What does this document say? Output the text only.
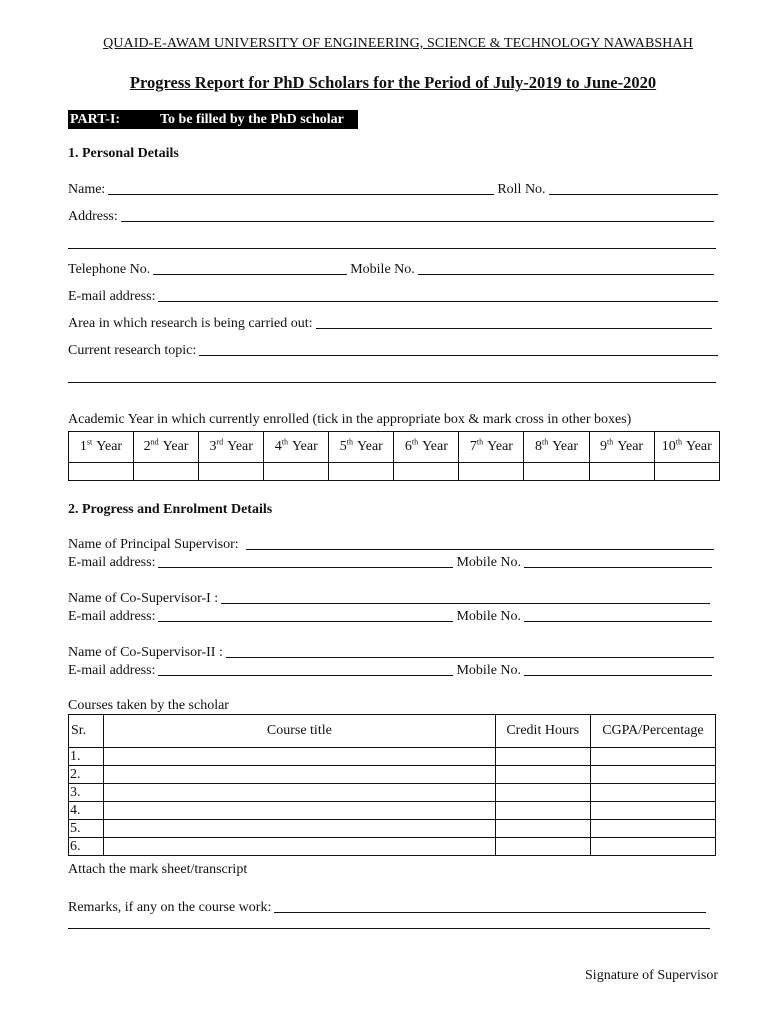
QUAID-E-AWAM UNIVERSITY OF ENGINEERING, SCIENCE & TECHNOLOGY NAWABSHAH
Progress Report for PhD Scholars for the Period of July-2019 to June-2020
PART-I:	To be filled by the PhD scholar
1. Personal Details
Name:	Roll No.
Address:
Telephone No.	Mobile No.
E-mail address:
Area in which research is being carried out:
Current research topic:
Academic Year in which currently enrolled (tick in the appropriate box & mark cross in other boxes)
1st Year	2nd Year	3rd Year	4th Year	5th Year	6th Year	7th Year	8th Year	9th Year	10th Year

2. Progress and Enrolment Details
Name of Principal Supervisor:
E-mail address:	Mobile No.
Name of Co-Supervisor-I :
E-mail address:	Mobile No.
Name of Co-Supervisor-II :
E-mail address:	Mobile No.
Courses taken by the scholar
Sr.	Course title	Credit Hours	CGPA/Percentage
1.			
2.			
3.			
4.			
5.			
6.			
Attach the mark sheet/transcript
Remarks, if any on the course work:
Signature of Supervisor
